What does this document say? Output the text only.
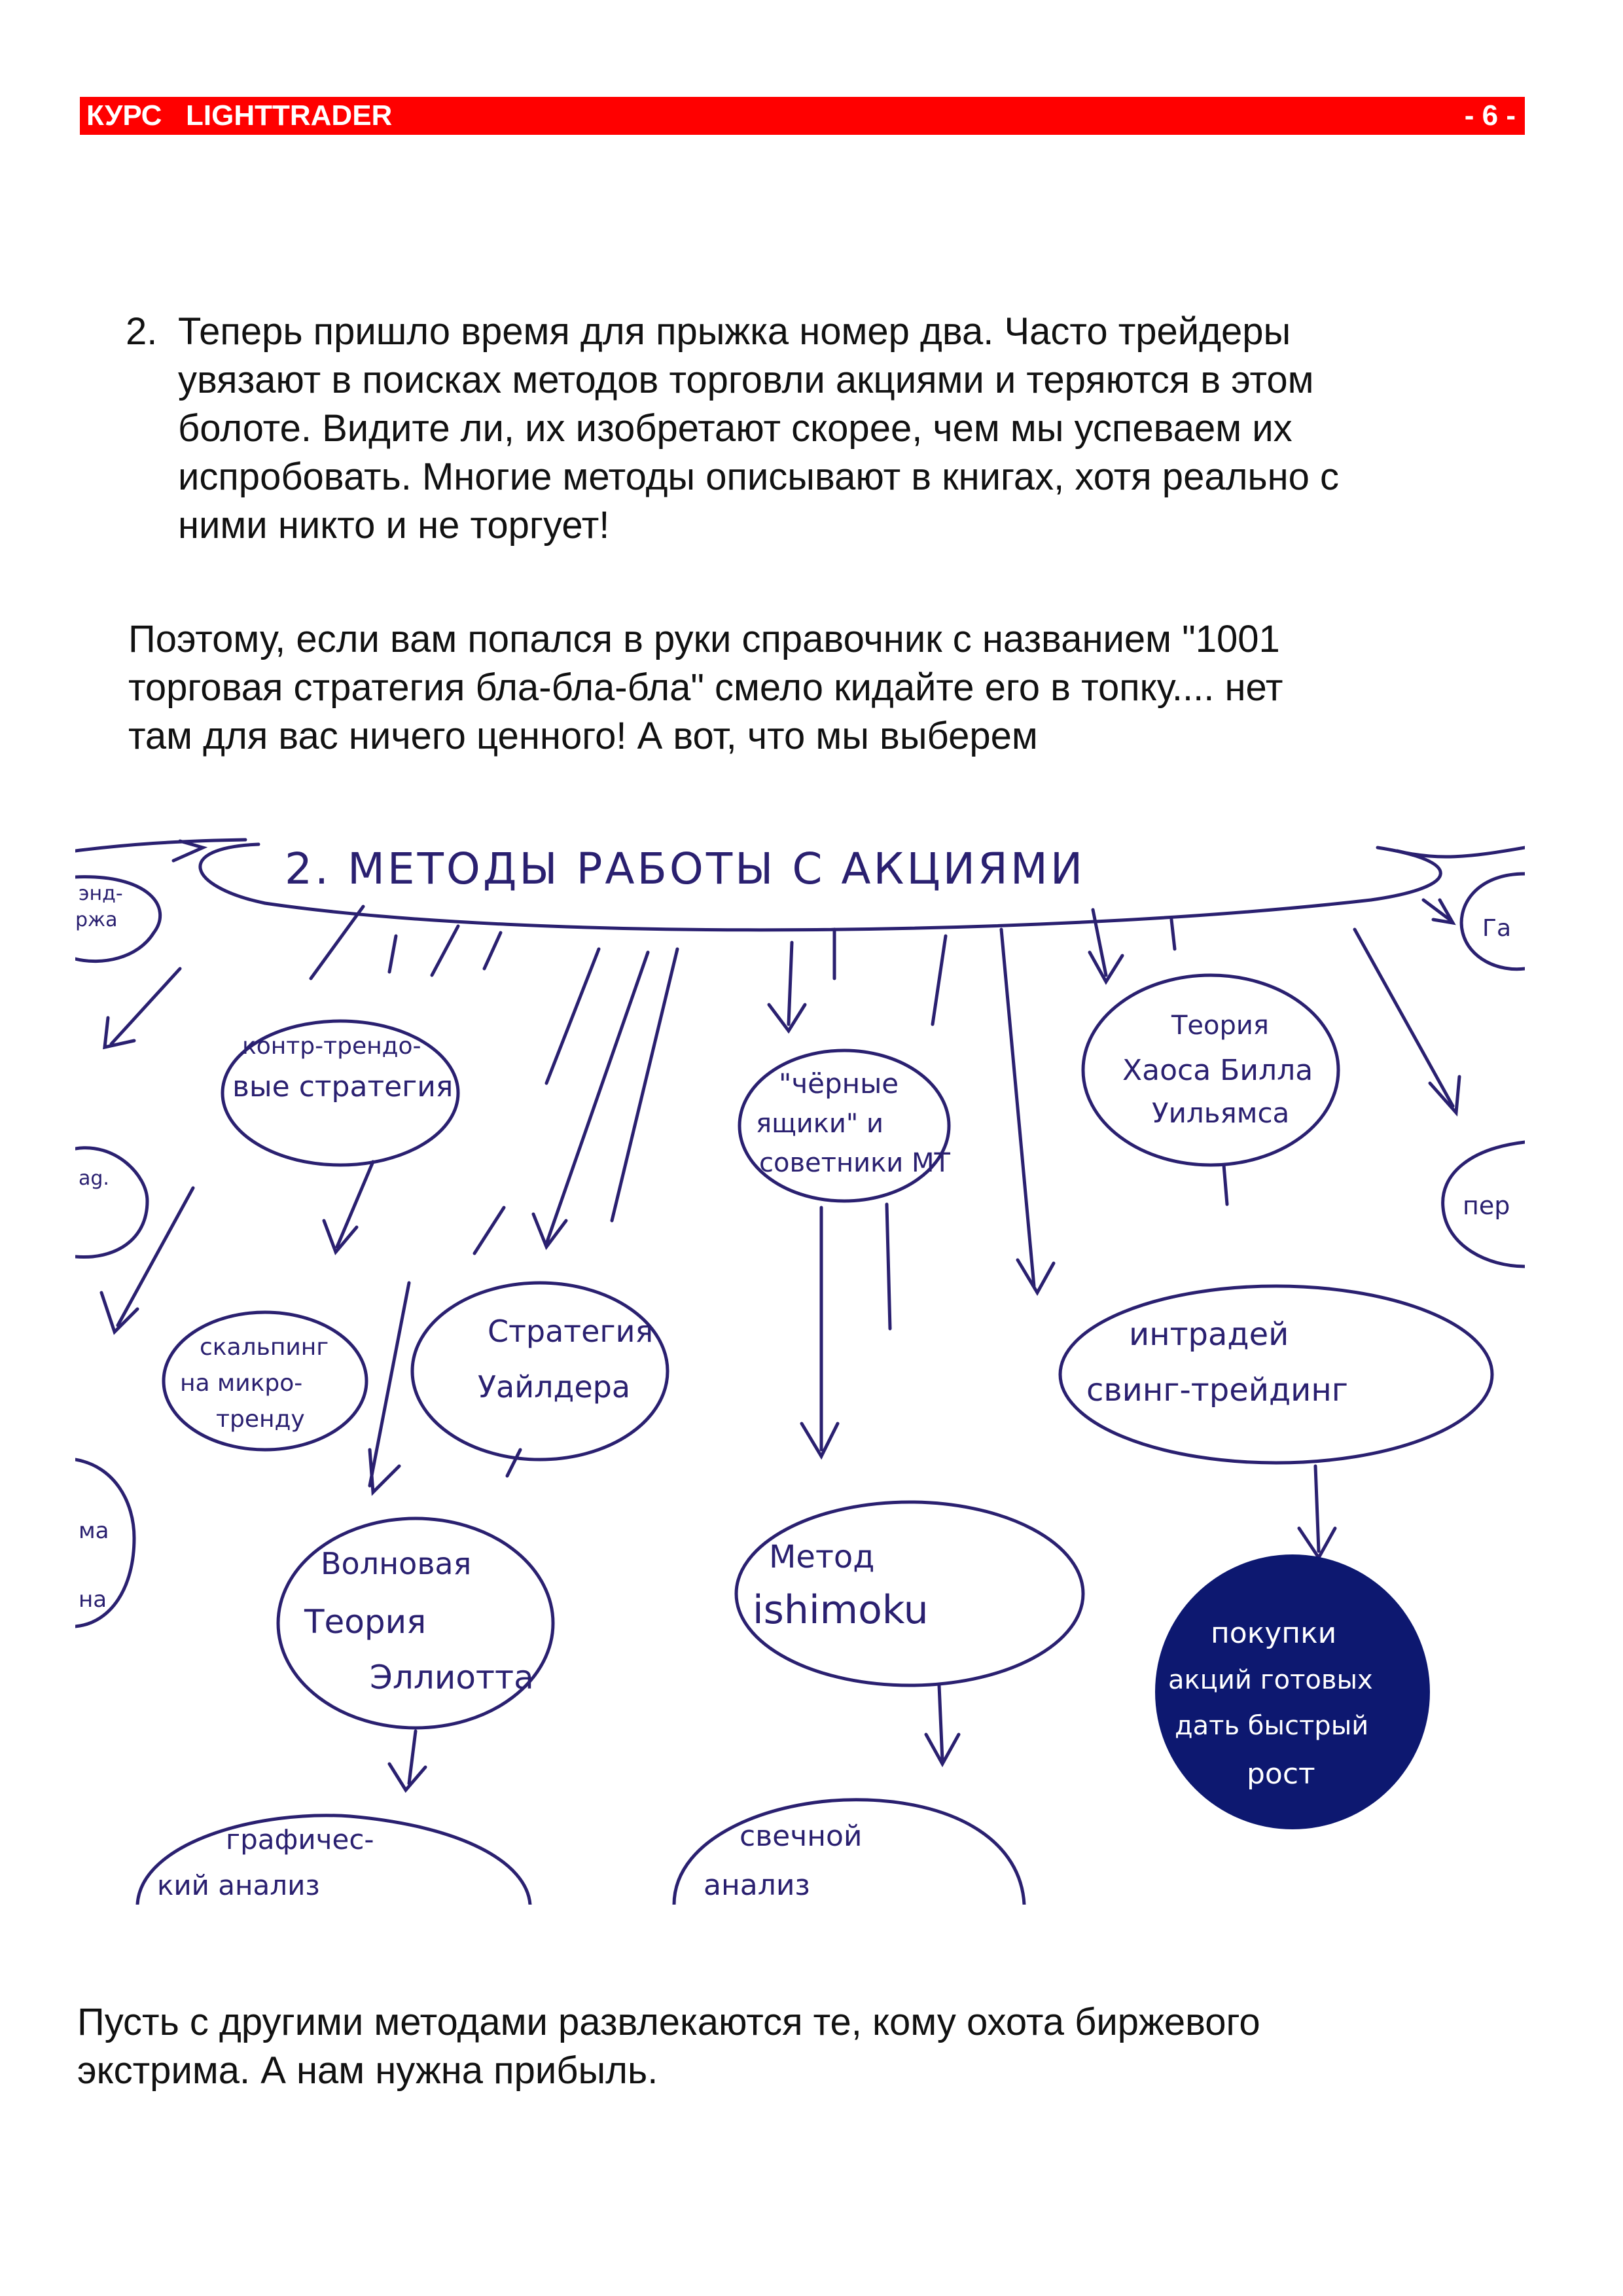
КУРС   LIGHTTRADER	- 6 -
2. Теперь пришло время для прыжка номер два. Часто трейдеры
увязают в поисках методов торговли акциями и теряются в этом
болоте. Видите ли, их изобретают скорее, чем мы успеваем их
испробовать. Многие методы описывают в книгах, хотя реально с
ними никто и не торгует!
Поэтому, если вам попался в руки справочник с названием "1001
торговая стратегия бла-бла-бла" смело кидайте его в топку.... нет
там для вас ничего ценного! А вот, что мы выберем
2. МЕТОДЫ РАБОТЫ С АКЦИЯМИ
энд-
ржа
аg.
ма
на
Га
пер
контр-трендо-
вые стратегия	"чёрные
ящики" и
советники МТ
Теория
Хаоса Билла
Уильямса
скальпинг
на микро-
тренду
Стратегия
Уайлдера
интрадей
свинг-трейдинг
Волновая
Теория
Эллиотта
Метод
ishimoku
покупки
акций готовых
дать быстрый
рост
графичес-
кий анализ
свечной
анализ
Пусть с другими методами развлекаются те, кому охота биржевого
экстрима. А нам нужна прибыль.
